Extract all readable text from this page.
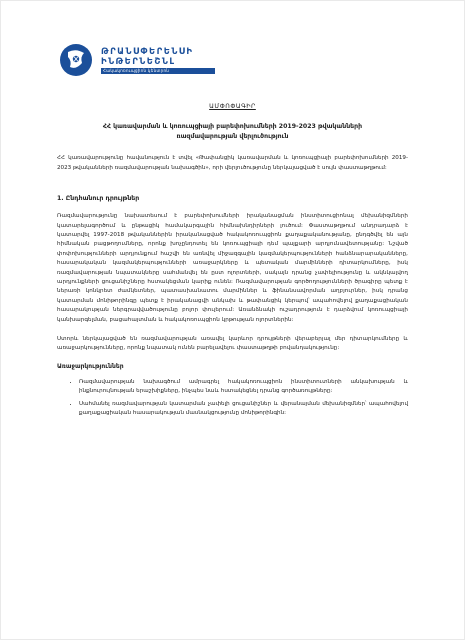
ԹՐԱՆՍՓԵՐԵՆՍԻ
ԻՆԹԵՐՆԵՇՆԼ
Հակակոռուպցիոն կենտրոն
ԱՄՓՈՓԱԳԻՐ
ՀՀ կառավարման և կոռուպցիայի բարեփոխումների 2019-2023 թվականների ռազմավարության վերլուծություն

ՀՀ կառավարությունը հավանություն է տվել «Թափանցիկ կառավարման և կոռուպցիայի բարեփոխումների 2019-2023 թվականների ռազմավարության նախագծին», որի վերլուծությունը ներկայացված է սույն փաստաթղթում:

1. Ընդհանուր դրույթներ

Ռազմավարությունը նախատեսում է բարեփոխումների իրականացման ինստիտուցիոնալ մեխանիզմների կատարելագործում և ընթացիկ համակարգային հիմնախնդիրների լուծում: Փաստաթղթում անդրադարձ է կատարվել 1997-2018 թվականներին իրականացված հակակոռուպցիոն քաղաքականությանը, ընդգծվել են այն հիմնական բացթողումները, որոնք խոչընդոտել են կոռուպցիայի դեմ պայքարի արդյունավետությանը: Նշված փոփոխությունների արդյունքում հաշվի են առնվել միջազգային կազմակերպությունների հանձնարարականները, հասարակական կազմակերպությունների առաջարկները և պետական մարմինների դիտարկումները, իսկ ռազմավարության նպատակները սահմանվել են ըստ ոլորտների, սակայն դրանց չափելիությունը և ակնկալվող արդյունքների ցուցանիշները հստակեցման կարիք ունեն: Ռազմավարության գործողությունների ծրագիրը պետք է ներառի կոնկրետ ժամկետներ, պատասխանատու մարմիններ և ֆինանսավորման աղբյուրներ, իսկ դրանց կատարման մոնիթորինգը պետք է իրականացվի անկախ և թափանցիկ կերպով՝ ապահովելով քաղաքացիական հասարակության ներգրավվածությունը բոլոր փուլերում: Առանձնակի ուշադրություն է դարձվում կոռուպցիայի կանխարգելման, բացահայտման և հակակոռուպցիոն կրթության ոլորտներին:

Ստորև ներկայացված են ռազմավարության առավել կարևոր դրույթների վերաբերյալ մեր դիտարկումները և առաջարկությունները, որոնք նպատակ ունեն բարելավելու փաստաթղթի բովանդակությունը:

Առաջարկություններ
• Ռազմավարության նախագծում ամրագրել հակակոռուպցիոն ինստիտուտների անկախության և ինքնուրույնության երաշխիքները, ինչպես նաև հստակեցնել դրանց գործառույթները:
• Սահմանել ռազմավարության կատարման չափելի ցուցանիշներ և վերանայման մեխանիզմներ՝ ապահովելով քաղաքացիական հասարակության մասնակցությունը մոնիթորինգին:
